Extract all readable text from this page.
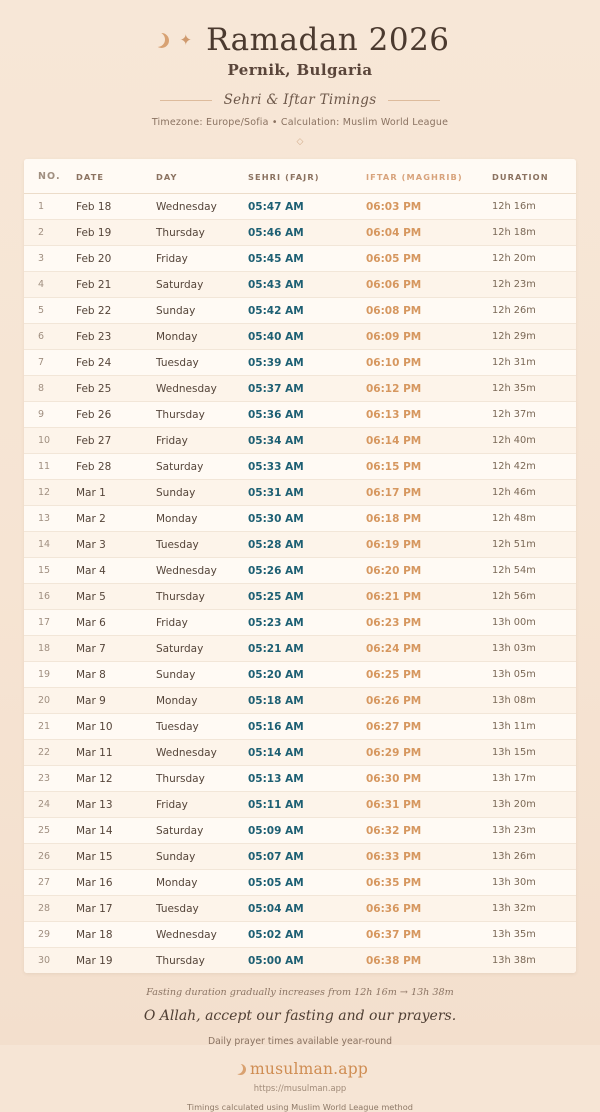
✦ Ramadan 2026
Pernik, Bulgaria
Sehri & Iftar Timings
Timezone: Europe/Sofia • Calculation: Muslim World League
◇
NO.	DATE	DAY	SEHRI (FAJR)	IFTAR (MAGHRIB)	DURATION
1	Feb 18	Wednesday	05:47 AM	06:03 PM	12h 16m
2	Feb 19	Thursday	05:46 AM	06:04 PM	12h 18m
3	Feb 20	Friday	05:45 AM	06:05 PM	12h 20m
4	Feb 21	Saturday	05:43 AM	06:06 PM	12h 23m
5	Feb 22	Sunday	05:42 AM	06:08 PM	12h 26m
6	Feb 23	Monday	05:40 AM	06:09 PM	12h 29m
7	Feb 24	Tuesday	05:39 AM	06:10 PM	12h 31m
8	Feb 25	Wednesday	05:37 AM	06:12 PM	12h 35m
9	Feb 26	Thursday	05:36 AM	06:13 PM	12h 37m
10	Feb 27	Friday	05:34 AM	06:14 PM	12h 40m
11	Feb 28	Saturday	05:33 AM	06:15 PM	12h 42m
12	Mar 1	Sunday	05:31 AM	06:17 PM	12h 46m
13	Mar 2	Monday	05:30 AM	06:18 PM	12h 48m
14	Mar 3	Tuesday	05:28 AM	06:19 PM	12h 51m
15	Mar 4	Wednesday	05:26 AM	06:20 PM	12h 54m
16	Mar 5	Thursday	05:25 AM	06:21 PM	12h 56m
17	Mar 6	Friday	05:23 AM	06:23 PM	13h 00m
18	Mar 7	Saturday	05:21 AM	06:24 PM	13h 03m
19	Mar 8	Sunday	05:20 AM	06:25 PM	13h 05m
20	Mar 9	Monday	05:18 AM	06:26 PM	13h 08m
21	Mar 10	Tuesday	05:16 AM	06:27 PM	13h 11m
22	Mar 11	Wednesday	05:14 AM	06:29 PM	13h 15m
23	Mar 12	Thursday	05:13 AM	06:30 PM	13h 17m
24	Mar 13	Friday	05:11 AM	06:31 PM	13h 20m
25	Mar 14	Saturday	05:09 AM	06:32 PM	13h 23m
26	Mar 15	Sunday	05:07 AM	06:33 PM	13h 26m
27	Mar 16	Monday	05:05 AM	06:35 PM	13h 30m
28	Mar 17	Tuesday	05:04 AM	06:36 PM	13h 32m
29	Mar 18	Wednesday	05:02 AM	06:37 PM	13h 35m
30	Mar 19	Thursday	05:00 AM	06:38 PM	13h 38m
Fasting duration gradually increases from 12h 16m → 13h 38m
O Allah, accept our fasting and our prayers.
Daily prayer times available year-round
musulman.app
https://musulman.app
Timings calculated using Muslim World League method
